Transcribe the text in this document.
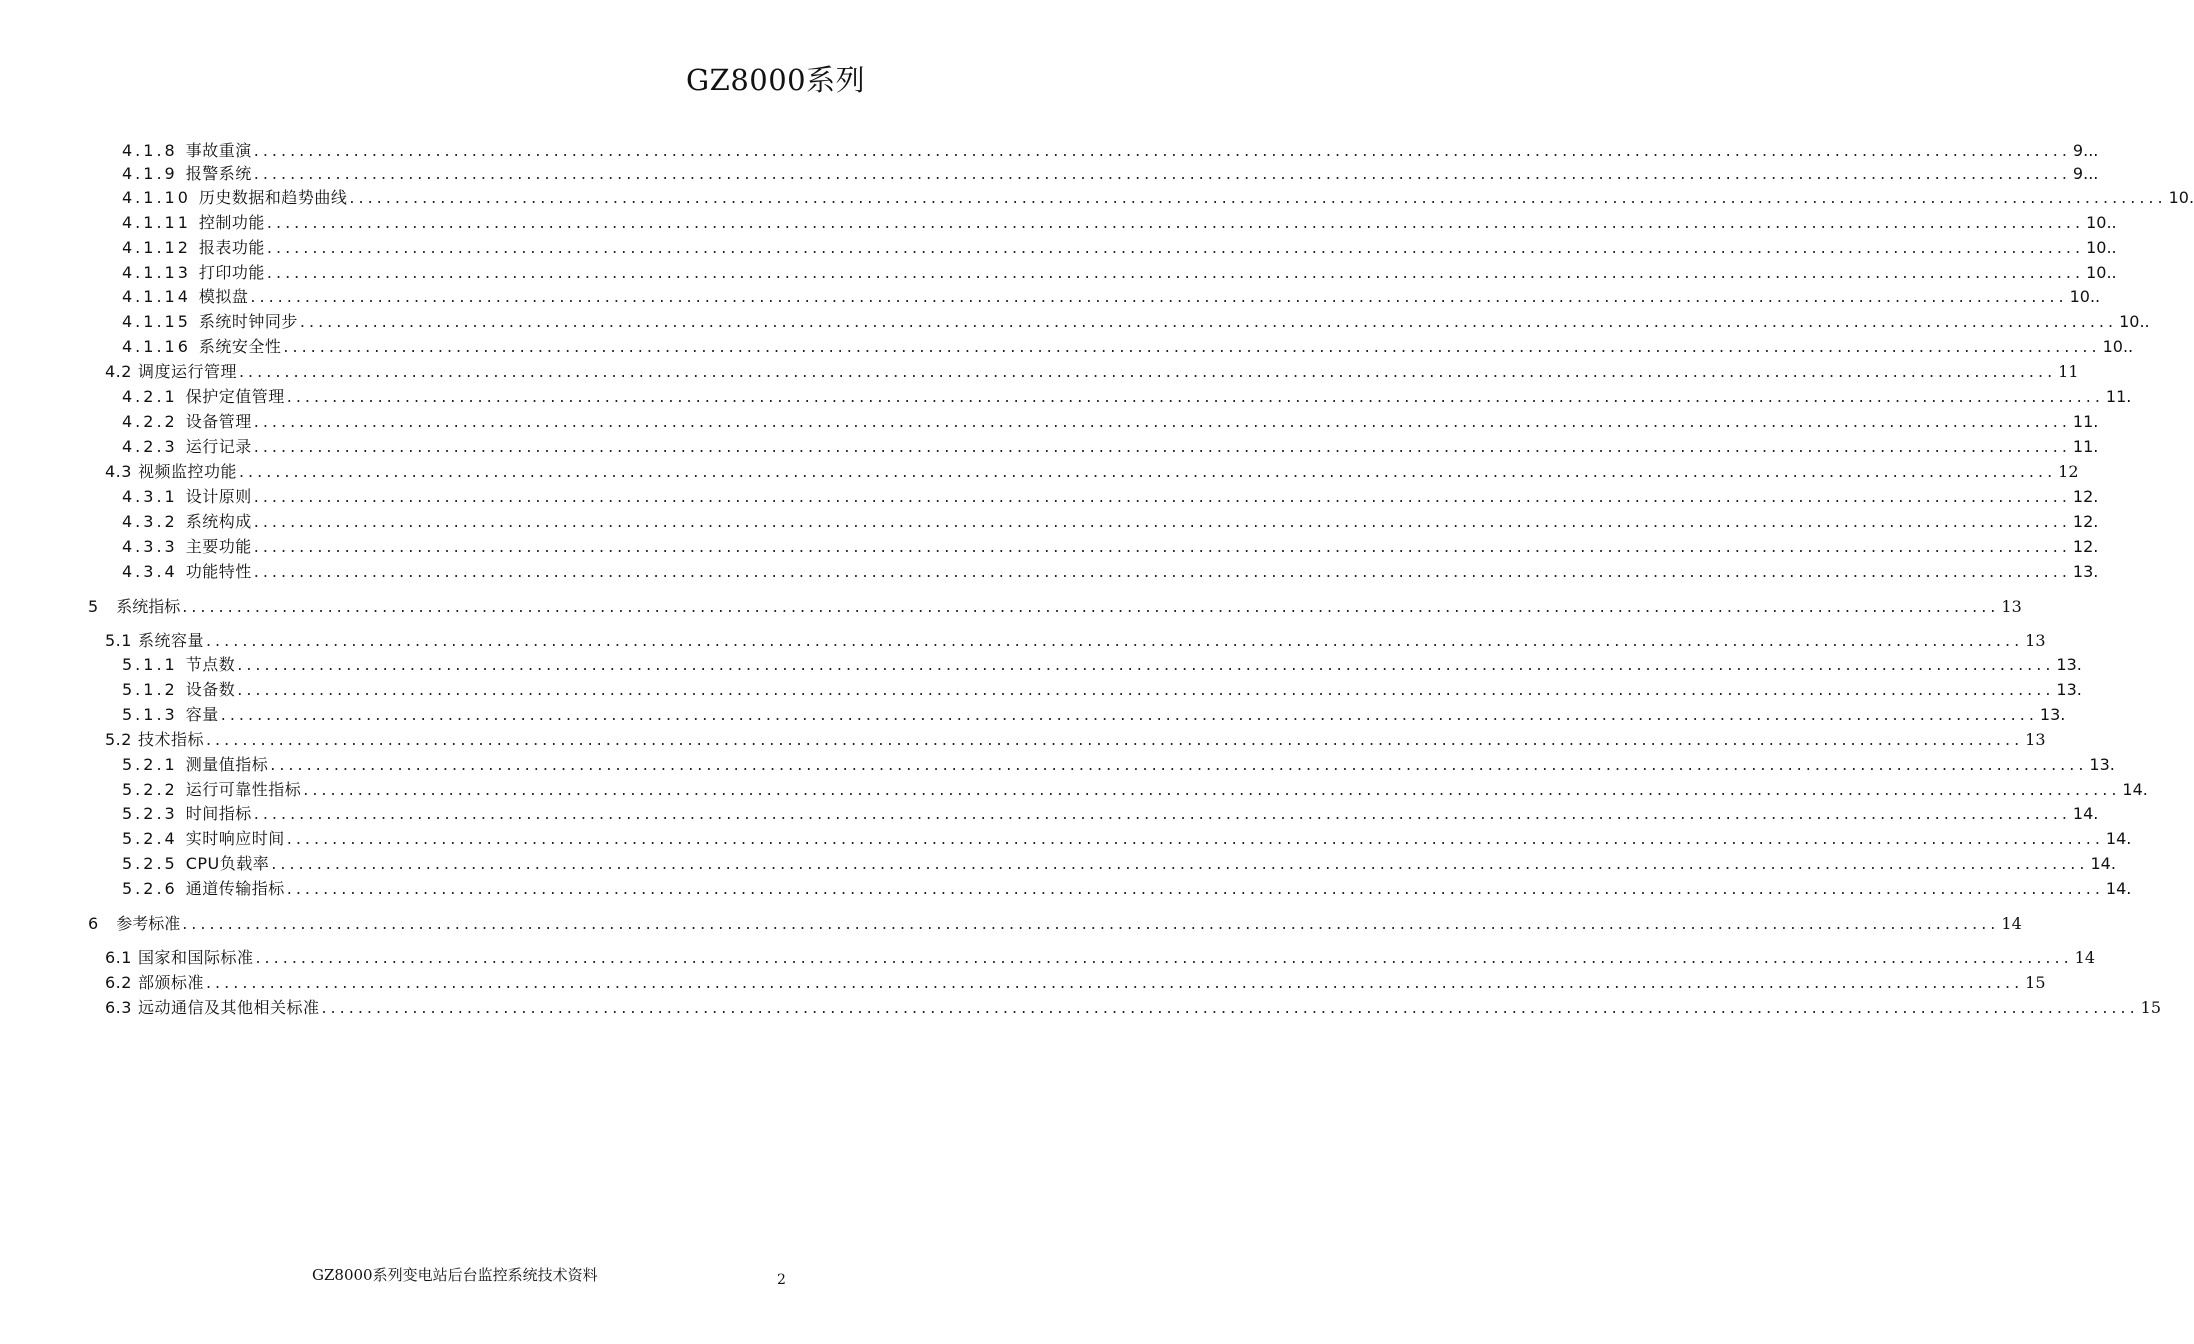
GZ8000系列
4.1.8 事故重演 ........................................................................................................................................................................................................ 9...
4.1.9 报警系统 ........................................................................................................................................................................................................ 9...
4.1.10 历史数据和趋势曲线 ........................................................................................................................................................................................................ 10.
4.1.11 控制功能 ........................................................................................................................................................................................................ 10..
4.1.12 报表功能 ........................................................................................................................................................................................................ 10..
4.1.13 打印功能 ........................................................................................................................................................................................................ 10..
4.1.14 模拟盘 ........................................................................................................................................................................................................ 10..
4.1.15 系统时钟同步 ........................................................................................................................................................................................................ 10..
4.1.16 系统安全性 ........................................................................................................................................................................................................ 10..
4.2 调度运行管理 ........................................................................................................................................................................................................ 11
4.2.1 保护定值管理 ........................................................................................................................................................................................................ 11.
4.2.2 设备管理 ........................................................................................................................................................................................................ 11.
4.2.3 运行记录 ........................................................................................................................................................................................................ 11.
4.3 视频监控功能 ........................................................................................................................................................................................................ 12
4.3.1 设计原则 ........................................................................................................................................................................................................ 12.
4.3.2 系统构成 ........................................................................................................................................................................................................ 12.
4.3.3 主要功能 ........................................................................................................................................................................................................ 12.
4.3.4 功能特性 ........................................................................................................................................................................................................ 13.
5 系统指标 ........................................................................................................................................................................................................ 13
5.1 系统容量 ........................................................................................................................................................................................................ 13
5.1.1 节点数 ........................................................................................................................................................................................................ 13.
5.1.2 设备数 ........................................................................................................................................................................................................ 13.
5.1.3 容量 ........................................................................................................................................................................................................ 13.
5.2 技术指标 ........................................................................................................................................................................................................ 13
5.2.1 测量值指标 ........................................................................................................................................................................................................ 13.
5.2.2 运行可靠性指标 ........................................................................................................................................................................................................ 14.
5.2.3 时间指标 ........................................................................................................................................................................................................ 14.
5.2.4 实时响应时间 ........................................................................................................................................................................................................ 14.
5.2.5 CPU负载率 ........................................................................................................................................................................................................ 14.
5.2.6 通道传输指标 ........................................................................................................................................................................................................ 14.
6 参考标准 ........................................................................................................................................................................................................ 14
6.1 国家和国际标准 ........................................................................................................................................................................................................ 14
6.2 部颁标准 ........................................................................................................................................................................................................ 15
6.3 远动通信及其他相关标准 ........................................................................................................................................................................................................ 15
GZ8000系列变电站后台监控系统技术资料	2
